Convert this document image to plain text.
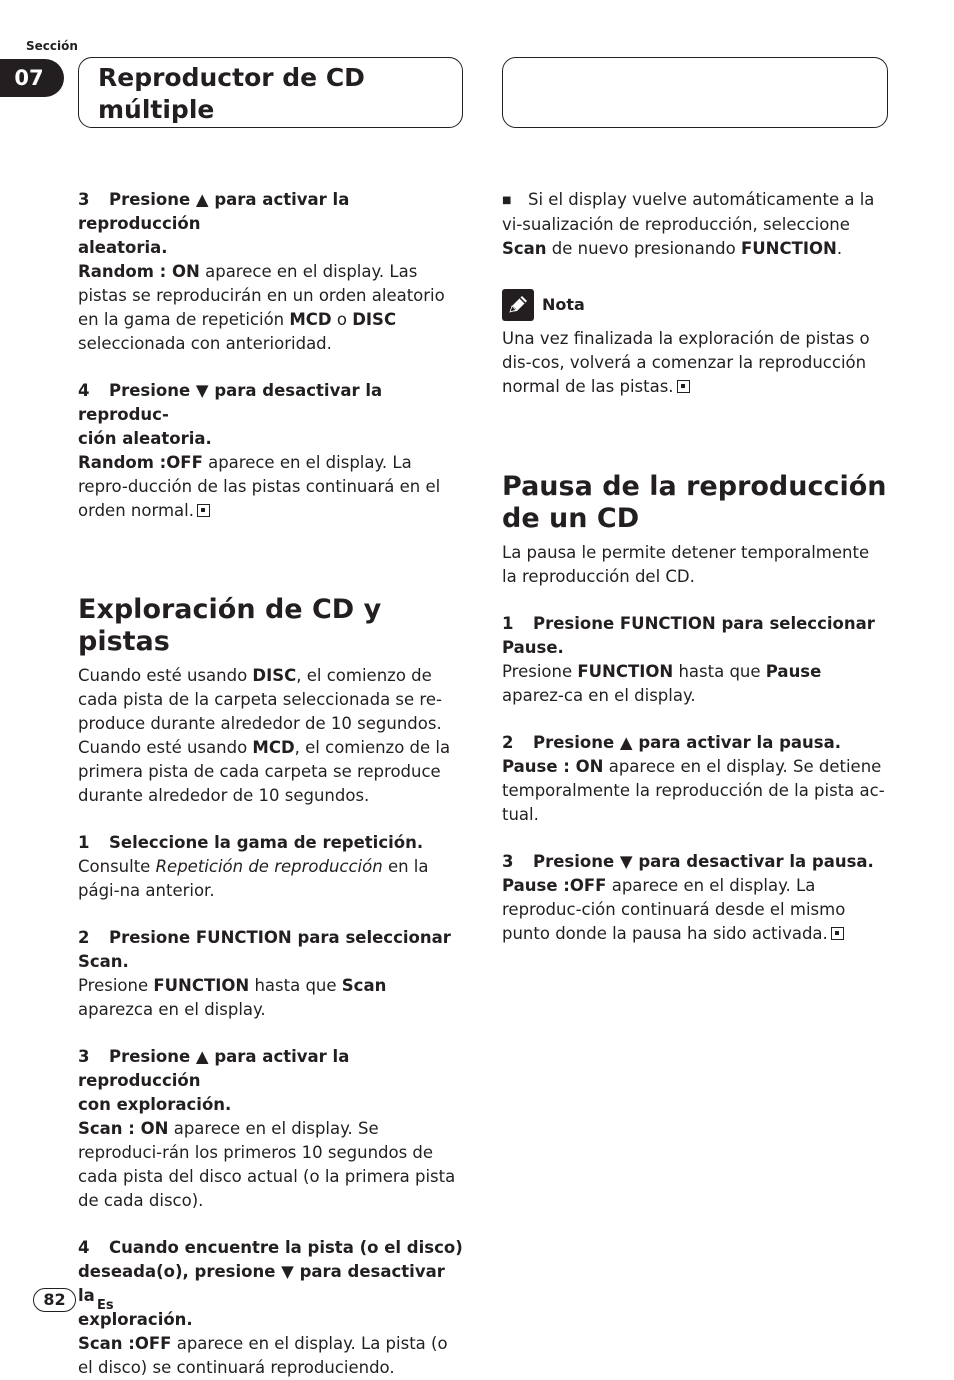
Sección
07	Reproductor de CD
múltiple
3 Presione ▲ para activar la reproducción
aleatoria.

Random : ON aparece en el display. Las pistas se reproducirán en un orden aleatorio en la gama de repetición MCD o DISC seleccionada con anterioridad.

4 Presione ▼ para desactivar la reproduc-
ción aleatoria.

Random :OFF aparece en el display. La repro-ducción de las pistas continuará en el orden normal.

Exploración de CD y pistas

Cuando esté usando DISC, el comienzo de cada pista de la carpeta seleccionada se re-produce durante alrededor de 10 segundos. Cuando esté usando MCD, el comienzo de la primera pista de cada carpeta se reproduce durante alrededor de 10 segundos.

1 Seleccione la gama de repetición.

Consulte Repetición de reproducción en la pági-na anterior.

2 Presione FUNCTION para seleccionar
Scan.

Presione FUNCTION hasta que Scan aparezca en el display.

3 Presione ▲ para activar la reproducción
con exploración.

Scan : ON aparece en el display. Se reproduci-rán los primeros 10 segundos de cada pista del disco actual (o la primera pista de cada disco).

4 Cuando encuentre la pista (o el disco)
deseada(o), presione ▼ para desactivar la
exploración.

Scan :OFF aparece en el display. La pista (o el disco) se continuará reproduciendo.

■ Si el display vuelve automáticamente a la vi-sualización de reproducción, seleccione Scan de nuevo presionando FUNCTION.

Nota

Una vez finalizada la exploración de pistas o dis-cos, volverá a comenzar la reproducción normal de las pistas.

Pausa de la reproducción
de un CD

La pausa le permite detener temporalmente la reproducción del CD.

1 Presione FUNCTION para seleccionar
Pause.

Presione FUNCTION hasta que Pause aparez-ca en el display.

2 Presione ▲ para activar la pausa.

Pause : ON aparece en el display. Se detiene temporalmente la reproducción de la pista ac-tual.

3 Presione ▼ para desactivar la pausa.

Pause :OFF aparece en el display. La reproduc-ción continuará desde el mismo punto donde la pausa ha sido activada.

82	Es
